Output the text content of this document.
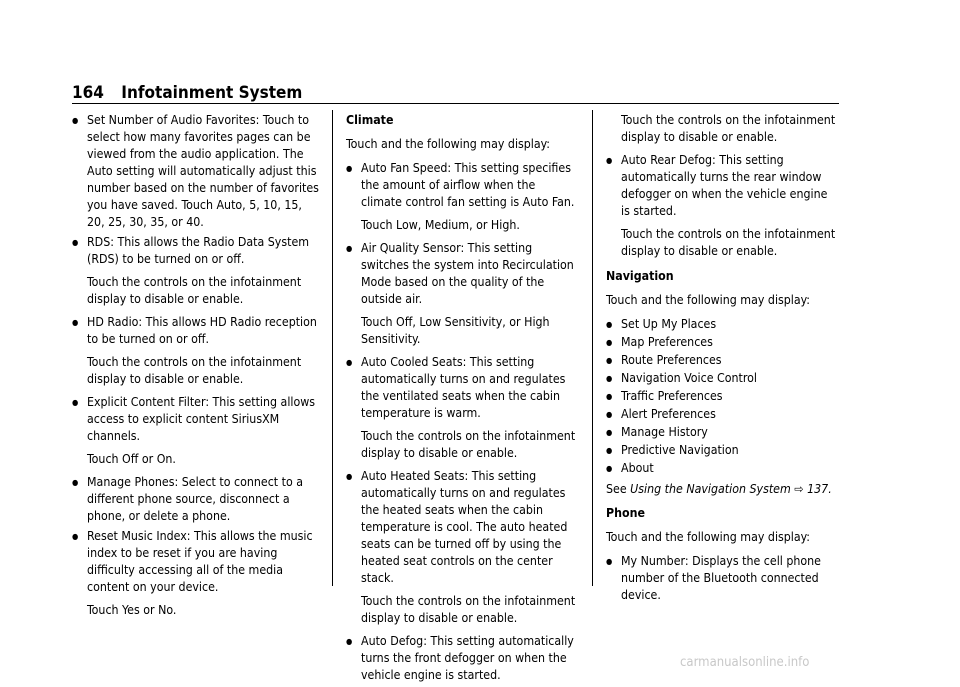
164 Infotainment System
● Set Number of Audio Favorites: Touch to select how many favorites pages can be viewed from the audio application. The Auto setting will automatically adjust this number based on the number of favorites you have saved. Touch Auto, 5, 10, 15, 20, 25, 30, 35, or 40.
● RDS: This allows the Radio Data System (RDS) to be turned on or off.
Touch the controls on the infotainment display to disable or enable.
● HD Radio: This allows HD Radio reception to be turned on or off.
Touch the controls on the infotainment display to disable or enable.
● Explicit Content Filter: This setting allows access to explicit content SiriusXM channels.
Touch Off or On.
● Manage Phones: Select to connect to a different phone source, disconnect a phone, or delete a phone.
● Reset Music Index: This allows the music index to be reset if you are having difficulty accessing all of the media content on your device.
Touch Yes or No.
Climate
Touch and the following may display:
● Auto Fan Speed: This setting specifies the amount of airflow when the climate control fan setting is Auto Fan.
Touch Low, Medium, or High.
● Air Quality Sensor: This setting switches the system into Recirculation Mode based on the quality of the outside air.
Touch Off, Low Sensitivity, or High Sensitivity.
● Auto Cooled Seats: This setting automatically turns on and regulates the ventilated seats when the cabin temperature is warm.
Touch the controls on the infotainment display to disable or enable.
● Auto Heated Seats: This setting automatically turns on and regulates the heated seats when the cabin temperature is cool. The auto heated seats can be turned off by using the heated seat controls on the center stack.
Touch the controls on the infotainment display to disable or enable.
● Auto Defog: This setting automatically turns the front defogger on when the vehicle engine is started.
Touch the controls on the infotainment display to disable or enable.
● Auto Rear Defog: This setting automatically turns the rear window defogger on when the vehicle engine is started.
Touch the controls on the infotainment display to disable or enable.
Navigation
Touch and the following may display:
● Set Up My Places
● Map Preferences
● Route Preferences
● Navigation Voice Control
● Traffic Preferences
● Alert Preferences
● Manage History
● Predictive Navigation
● About
See Using the Navigation System ⇨ 137.
Phone
Touch and the following may display:
● My Number: Displays the cell phone number of the Bluetooth connected device.
carmanualsonline.info
